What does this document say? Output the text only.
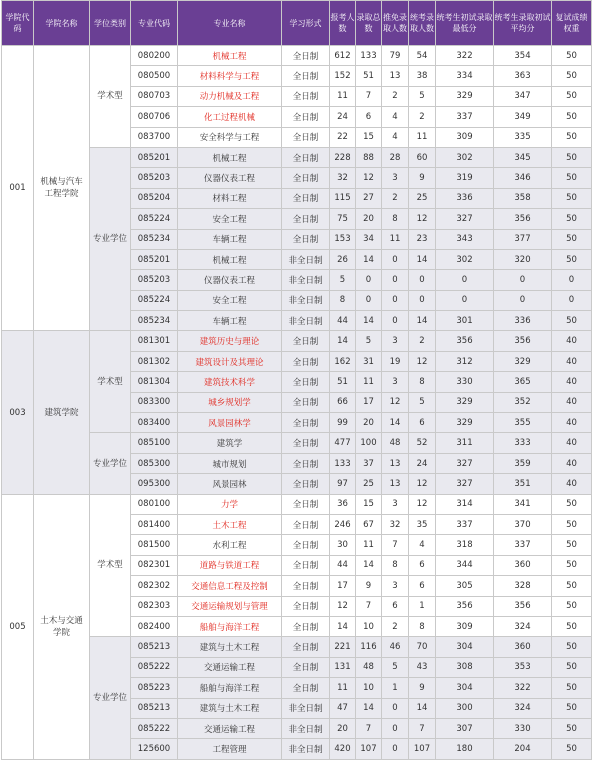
学院代码	学院名称	学位类别	专业代码	专业名称	学习形式	报考人数	录取总数	推免录取人数	统考录取人数	统考生初试录取最低分	统考生录取初试平均分	复试成绩权重
001	机械与汽车工程学院	学术型	080200	机械工程	全日制	612	133	79	54	322	354	50
			080500	材料科学与工程	全日制	152	51	13	38	334	363	50
			080703	动力机械及工程	全日制	11	7	2	5	329	347	50
			080706	化工过程机械	全日制	24	6	4	2	337	349	50
			083700	安全科学与工程	全日制	22	15	4	11	309	335	50
		专业学位	085201	机械工程	全日制	228	88	28	60	302	345	50
			085203	仪器仪表工程	全日制	32	12	3	9	319	346	50
			085204	材料工程	全日制	115	27	2	25	336	358	50
			085224	安全工程	全日制	75	20	8	12	327	356	50
			085234	车辆工程	全日制	153	34	11	23	343	377	50
			085201	机械工程	非全日制	26	14	0	14	302	320	50
			085203	仪器仪表工程	非全日制	5	0	0	0	0	0	0
			085224	安全工程	非全日制	8	0	0	0	0	0	0
			085234	车辆工程	非全日制	44	14	0	14	301	336	50
003	建筑学院	学术型	081301	建筑历史与理论	全日制	14	5	3	2	356	356	40
			081302	建筑设计及其理论	全日制	162	31	19	12	312	329	40
			081304	建筑技术科学	全日制	51	11	3	8	330	365	40
			083300	城乡规划学	全日制	66	17	12	5	329	352	40
			083400	风景园林学	全日制	99	20	14	6	329	355	40
		专业学位	085100	建筑学	全日制	477	100	48	52	311	333	40
			085300	城市规划	全日制	133	37	13	24	327	359	40
			095300	风景园林	全日制	97	25	13	12	327	351	40
005	土木与交通学院	学术型	080100	力学	全日制	36	15	3	12	314	341	50
			081400	土木工程	全日制	246	67	32	35	337	370	50
			081500	水利工程	全日制	30	11	7	4	318	337	50
			082301	道路与铁道工程	全日制	44	14	8	6	344	360	50
			082302	交通信息工程及控制	全日制	17	9	3	6	305	328	50
			082303	交通运输规划与管理	全日制	12	7	6	1	356	356	50
			082400	船舶与海洋工程	全日制	14	10	2	8	309	324	50
		专业学位	085213	建筑与土木工程	全日制	221	116	46	70	304	360	50
			085222	交通运输工程	全日制	131	48	5	43	308	353	50
			085223	船舶与海洋工程	全日制	11	10	1	9	304	322	50
			085213	建筑与土木工程	非全日制	47	14	0	14	300	324	50
			085222	交通运输工程	非全日制	20	7	0	7	307	330	50
			125600	工程管理	非全日制	420	107	0	107	180	204	50
